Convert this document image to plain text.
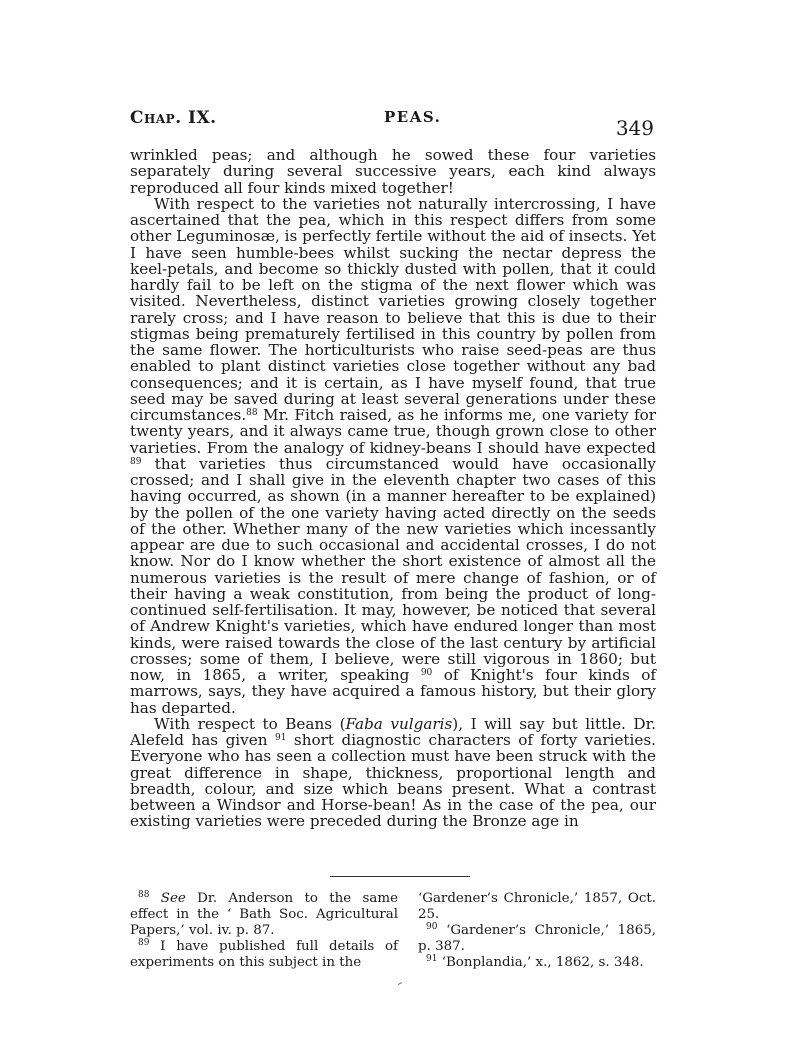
Chap. IX.	PEAS.	349

wrinkled peas; and although he sowed these four varieties separately during several successive years, each kind always reproduced all four kinds mixed together!

With respect to the varieties not naturally intercrossing, I have ascertained that the pea, which in this respect differs from some other Leguminosæ, is perfectly fertile without the aid of insects. Yet I have seen humble-bees whilst sucking the nectar depress the keel-petals, and become so thickly dusted with pollen, that it could hardly fail to be left on the stigma of the next flower which was visited. Nevertheless, distinct varieties growing closely together rarely cross; and I have reason to believe that this is due to their stigmas being prematurely fertilised in this country by pollen from the same flower. The horticulturists who raise seed-peas are thus enabled to plant distinct varieties close together without any bad consequences; and it is certain, as I have myself found, that true seed may be saved during at least several generations under these circumstances.$^{88}$ Mr. Fitch raised, as he informs me, one variety for twenty years, and it always came true, though grown close to other varieties. From the analogy of kidney-beans I should have expected $^{89}$ that varieties thus circumstanced would have occasionally crossed; and I shall give in the eleventh chapter two cases of this having occurred, as shown (in a manner hereafter to be explained) by the pollen of the one variety having acted directly on the seeds of the other. Whether many of the new varieties which incessantly appear are due to such occasional and accidental crosses, I do not know. Nor do I know whether the short existence of almost all the numerous varieties is the result of mere change of fashion, or of their having a weak constitution, from being the product of long-continued self-fertilisation. It may, however, be noticed that several of Andrew Knight's varieties, which have endured longer than most kinds, were raised towards the close of the last century by artificial crosses; some of them, I believe, were still vigorous in 1860; but now, in 1865, a writer, speaking $^{90}$ of Knight's four kinds of marrows, says, they have acquired a famous history, but their glory has departed.

With respect to Beans (Faba vulgaris), I will say but little. Dr. Alefeld has given $^{91}$ short diagnostic characters of forty varieties. Everyone who has seen a collection must have been struck with the great difference in shape, thickness, proportional length and breadth, colour, and size which beans present. What a contrast between a Windsor and Horse-bean! As in the case of the pea, our existing varieties were preceded during the Bronze age in

$^{88}$ See Dr. Anderson to the same effect in the ‘ Bath Soc. Agricultural Papers,’ vol. iv. p. 87.

$^{89}$ I have published full details of experiments on this subject in the

‘Gardener’s Chronicle,’ 1857, Oct. 25.

$^{90}$ ‘Gardener’s Chronicle,’ 1865, p. 387.

$^{91}$ ‘Bonplandia,’ x., 1862, s. 348.
